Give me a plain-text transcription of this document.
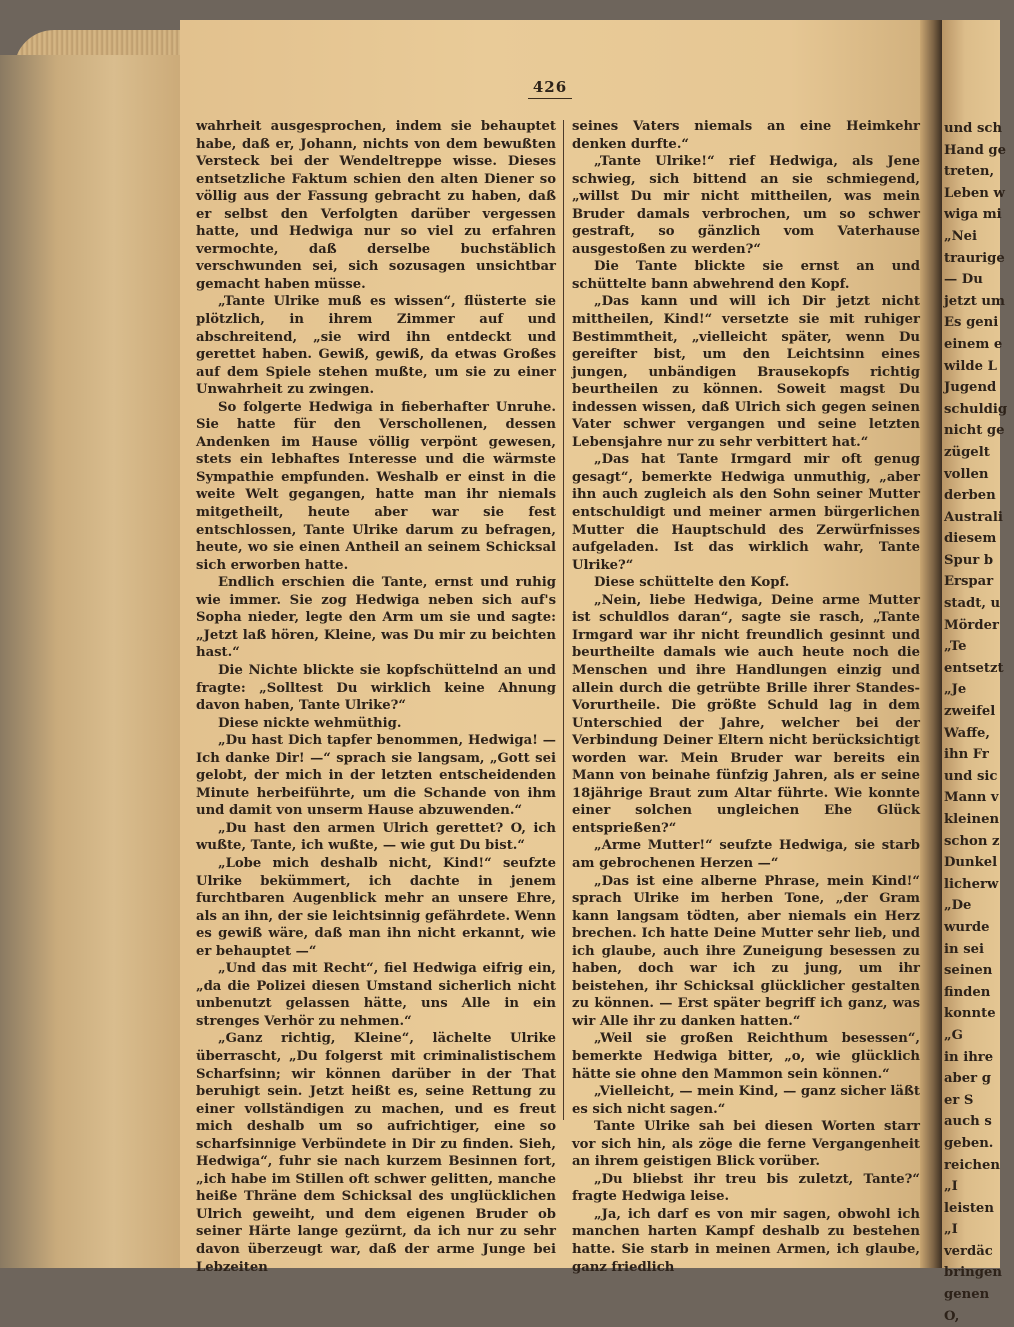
426

wahrheit ausgesprochen, indem sie behauptet habe, daß er, Johann, nichts von dem bewußten Versteck bei der Wendeltreppe wisse. Dieses entsetzliche Faktum schien den alten Diener so völlig aus der Fassung gebracht zu haben, daß er selbst den Verfolgten darüber vergessen hatte, und Hedwiga nur so viel zu erfahren vermochte, daß derselbe buchstäblich verschwunden sei, sich sozusagen unsichtbar gemacht haben müsse.

„Tante Ulrike muß es wissen“, flüsterte sie plötzlich, in ihrem Zimmer auf und abschreitend, „sie wird ihn entdeckt und gerettet haben. Gewiß, gewiß, da etwas Großes auf dem Spiele stehen mußte, um sie zu einer Unwahrheit zu zwingen.

So folgerte Hedwiga in fieberhafter Unruhe. Sie hatte für den Verschollenen, dessen Andenken im Hause völlig verpönt gewesen, stets ein lebhaftes Interesse und die wärmste Sympathie empfunden. Weshalb er einst in die weite Welt gegangen, hatte man ihr niemals mitgetheilt, heute aber war sie fest entschlossen, Tante Ulrike darum zu befragen, heute, wo sie einen Antheil an seinem Schicksal sich erworben hatte.

Endlich erschien die Tante, ernst und ruhig wie immer. Sie zog Hedwiga neben sich auf's Sopha nieder, legte den Arm um sie und sagte: „Jetzt laß hören, Kleine, was Du mir zu beichten hast.“

Die Nichte blickte sie kopfschüttelnd an und fragte: „Solltest Du wirklich keine Ahnung davon haben, Tante Ulrike?“

Diese nickte wehmüthig.

„Du hast Dich tapfer benommen, Hedwiga! — Ich danke Dir! —“ sprach sie langsam, „Gott sei gelobt, der mich in der letzten entscheidenden Minute herbeiführte, um die Schande von ihm und damit von unserm Hause abzuwenden.“

„Du hast den armen Ulrich gerettet? O, ich wußte, Tante, ich wußte, — wie gut Du bist.“

„Lobe mich deshalb nicht, Kind!“ seufzte Ulrike bekümmert, ich dachte in jenem furchtbaren Augenblick mehr an unsere Ehre, als an ihn, der sie leichtsinnig gefährdete. Wenn es gewiß wäre, daß man ihn nicht erkannt, wie er behauptet —“

„Und das mit Recht“, fiel Hedwiga eifrig ein, „da die Polizei diesen Umstand sicherlich nicht unbenutzt gelassen hätte, uns Alle in ein strenges Verhör zu nehmen.“

„Ganz richtig, Kleine“, lächelte Ulrike überrascht, „Du folgerst mit criminalistischem Scharfsinn; wir können darüber in der That beruhigt sein. Jetzt heißt es, seine Rettung zu einer vollständigen zu machen, und es freut mich deshalb um so aufrichtiger, eine so scharfsinnige Verbündete in Dir zu finden. Sieh, Hedwiga“, fuhr sie nach kurzem Besinnen fort, „ich habe im Stillen oft schwer gelitten, manche heiße Thräne dem Schicksal des unglücklichen Ulrich geweiht, und dem eigenen Bruder ob seiner Härte lange gezürnt, da ich nur zu sehr davon überzeugt war, daß der arme Junge bei Lebzeiten

seines Vaters niemals an eine Heimkehr denken durfte.“

„Tante Ulrike!“ rief Hedwiga, als Jene schwieg, sich bittend an sie schmiegend, „willst Du mir nicht mittheilen, was mein Bruder damals verbrochen, um so schwer gestraft, so gänzlich vom Vaterhause ausgestoßen zu werden?“

Die Tante blickte sie ernst an und schüttelte bann abwehrend den Kopf.

„Das kann und will ich Dir jetzt nicht mittheilen, Kind!“ versetzte sie mit ruhiger Bestimmtheit, „vielleicht später, wenn Du gereifter bist, um den Leichtsinn eines jungen, unbändigen Brausekopfs richtig beurtheilen zu können. Soweit magst Du indessen wissen, daß Ulrich sich gegen seinen Vater schwer vergangen und seine letzten Lebensjahre nur zu sehr verbittert hat.“

„Das hat Tante Irmgard mir oft genug gesagt“, bemerkte Hedwiga unmuthig, „aber ihn auch zugleich als den Sohn seiner Mutter entschuldigt und meiner armen bürgerlichen Mutter die Hauptschuld des Zerwürfnisses aufgeladen. Ist das wirklich wahr, Tante Ulrike?“

Diese schüttelte den Kopf.

„Nein, liebe Hedwiga, Deine arme Mutter ist schuldlos daran“, sagte sie rasch, „Tante Irmgard war ihr nicht freundlich gesinnt und beurtheilte damals wie auch heute noch die Menschen und ihre Handlungen einzig und allein durch die getrübte Brille ihrer Standes-Vorurtheile. Die größte Schuld lag in dem Unterschied der Jahre, welcher bei der Verbindung Deiner Eltern nicht berücksichtigt worden war. Mein Bruder war bereits ein Mann von beinahe fünfzig Jahren, als er seine 18jährige Braut zum Altar führte. Wie konnte einer solchen ungleichen Ehe Glück entsprießen?“

„Arme Mutter!“ seufzte Hedwiga, sie starb am gebrochenen Herzen —“

„Das ist eine alberne Phrase, mein Kind!“ sprach Ulrike im herben Tone, „der Gram kann langsam tödten, aber niemals ein Herz brechen. Ich hatte Deine Mutter sehr lieb, und ich glaube, auch ihre Zuneigung besessen zu haben, doch war ich zu jung, um ihr beistehen, ihr Schicksal glücklicher gestalten zu können. — Erst später begriff ich ganz, was wir Alle ihr zu danken hatten.“

„Weil sie großen Reichthum besessen“, bemerkte Hedwiga bitter, „o, wie glücklich hätte sie ohne den Mammon sein können.“

„Vielleicht, — mein Kind, — ganz sicher läßt es sich nicht sagen.“

Tante Ulrike sah bei diesen Worten starr vor sich hin, als zöge die ferne Vergangenheit an ihrem geistigen Blick vorüber.

„Du bliebst ihr treu bis zuletzt, Tante?“ fragte Hedwiga leise.

„Ja, ich darf es von mir sagen, obwohl ich manchen harten Kampf deshalb zu bestehen hatte. Sie starb in meinen Armen, ich glaube, ganz friedlich

und sch
Hand ge
treten,
Leben w
wiga mi
„Nei
traurige
— Du
jetzt um
Es geni
einem e
wilde L
Jugend
schuldig
nicht ge
zügelt
vollen
derben
Australi
diesem
Spur b
Erspar
stadt, u
Mörder
„Te
entsetzt
„Je
zweifel
Waffe,
ihn Fr
und sic
Mann v
kleinen
schon z
Dunkel
licherw
„De
wurde
in sei
seinen
finden
konnte
„G
in ihre
aber g
er S
auch s
geben.
reichen
„I
leisten
„I
verdäc
bringen
genen
O,
